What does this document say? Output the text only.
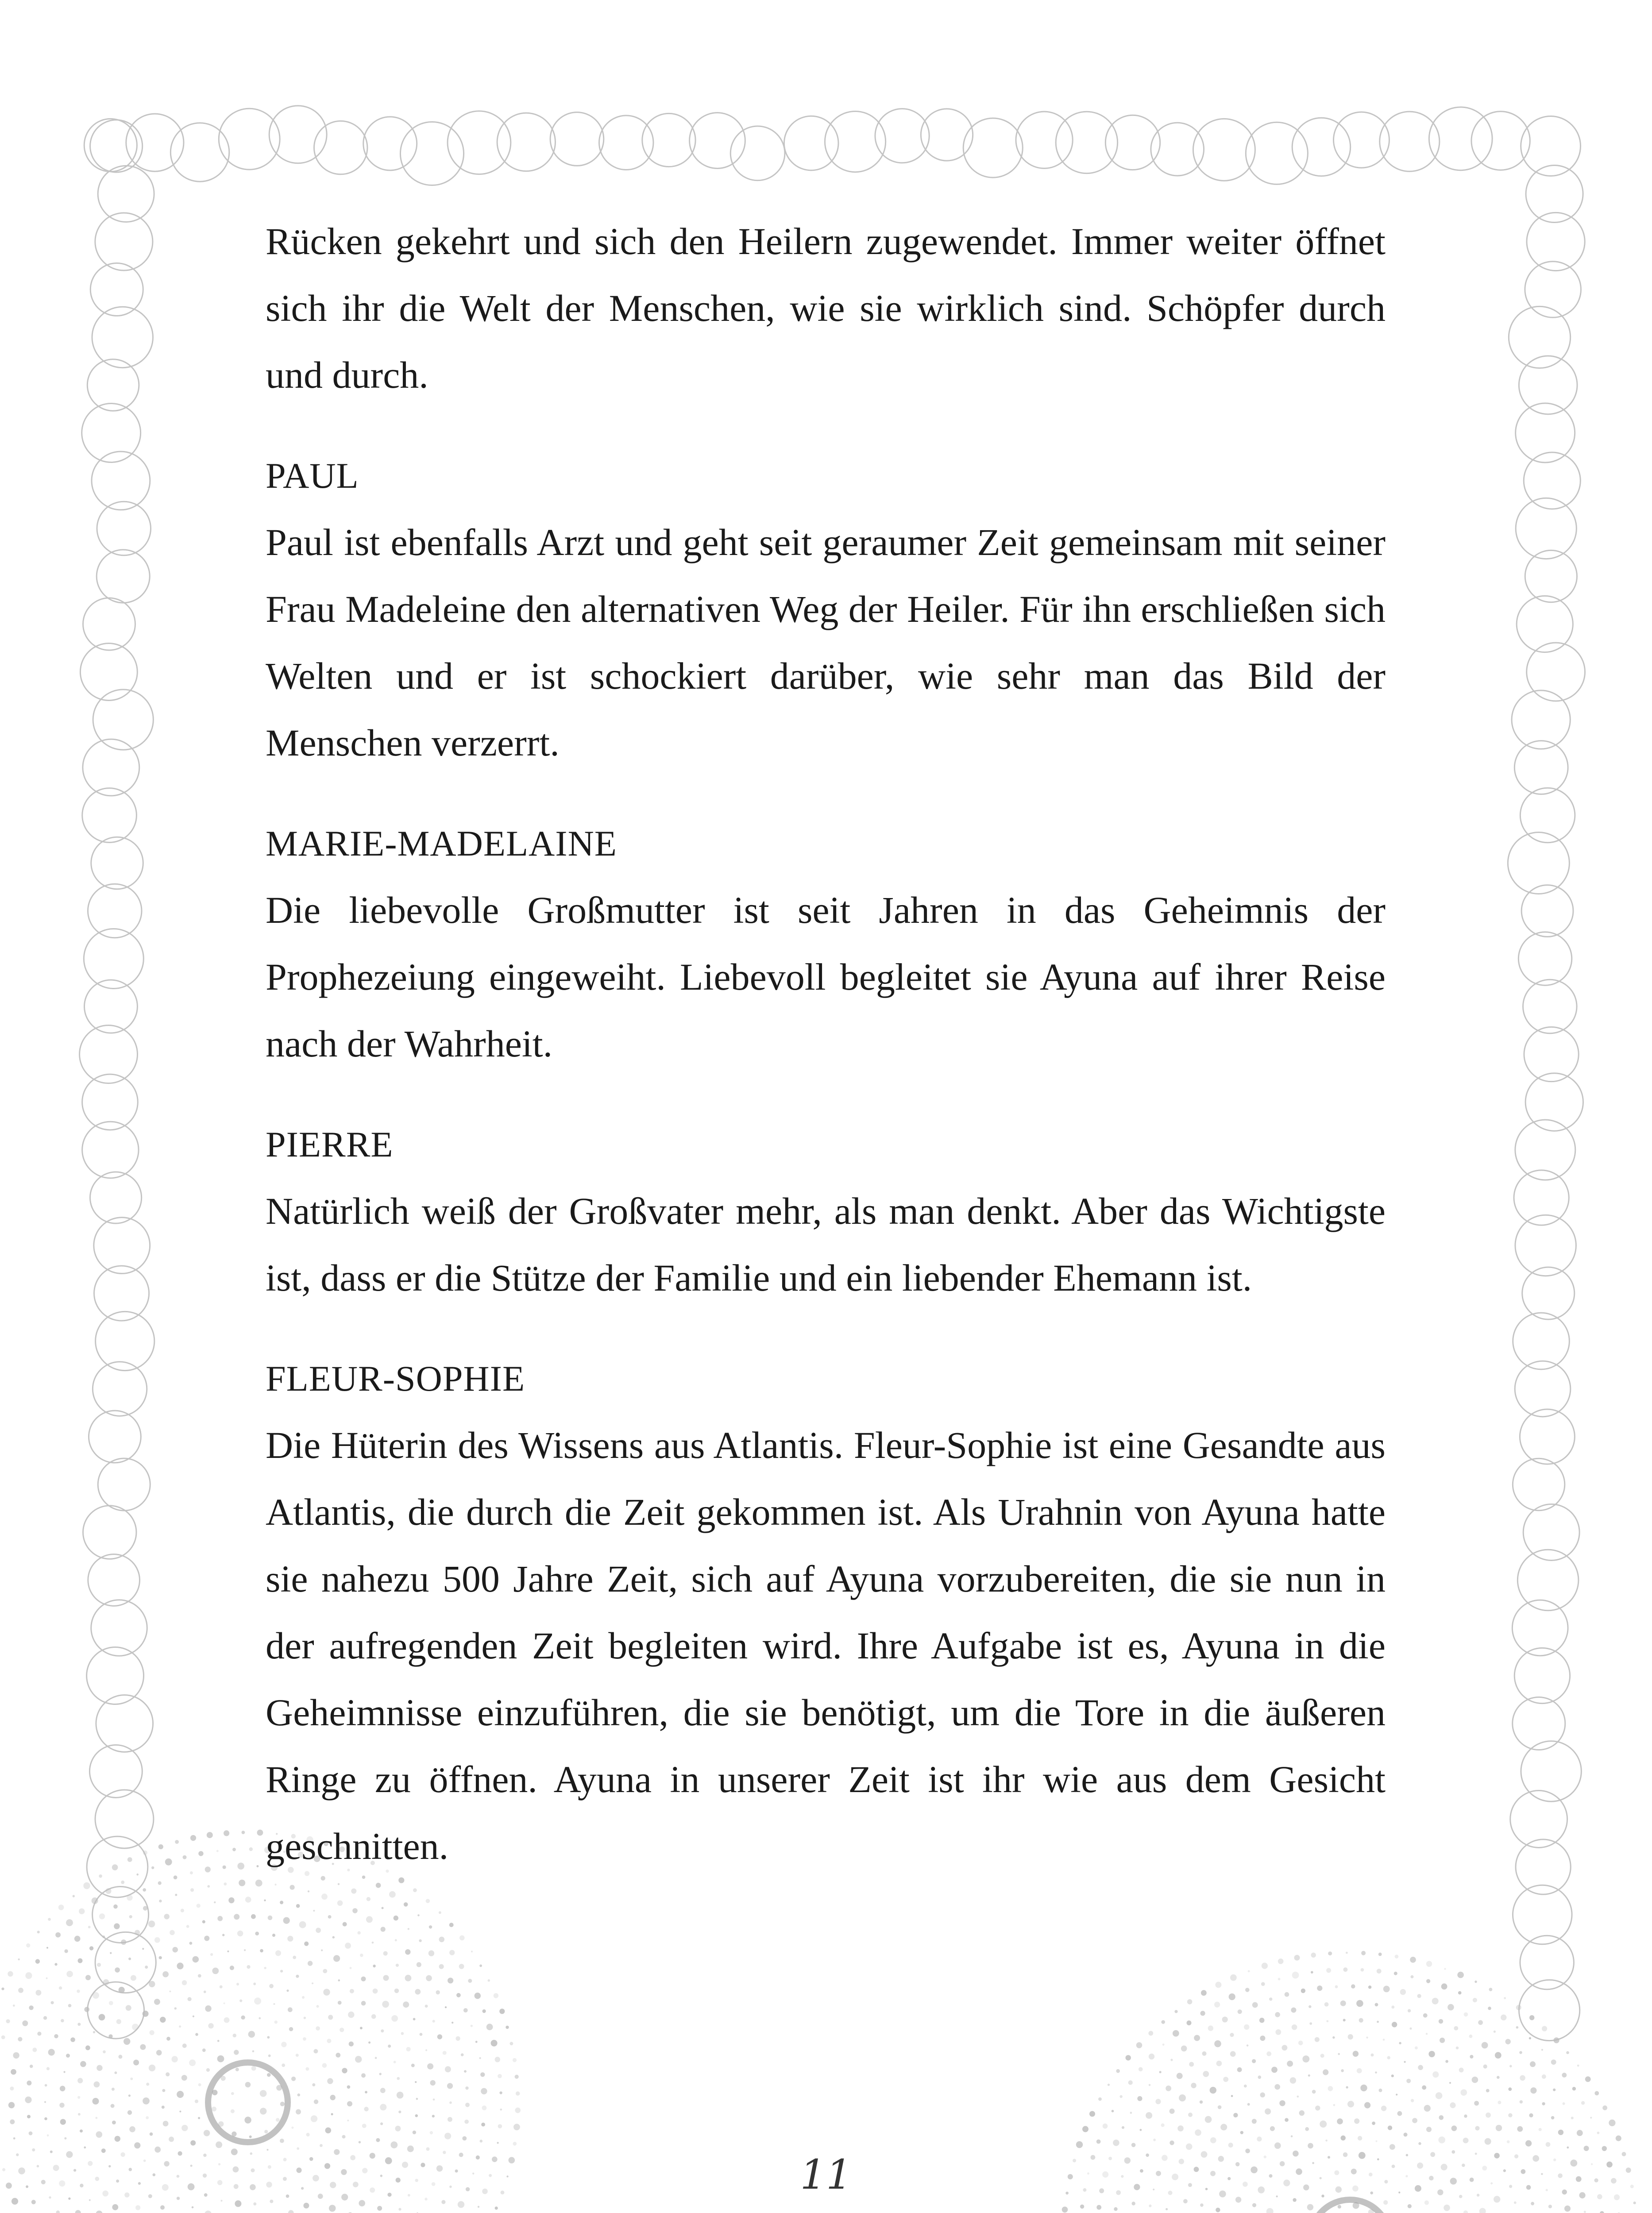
Rücken gekehrt und sich den Heilern zugewendet. Immer weiter öffnet sich ihr die Welt der Menschen, wie sie wirklich sind. Schöpfer durch und durch.

PAUL

Paul ist ebenfalls Arzt und geht seit geraumer Zeit gemeinsam mit seiner Frau Madeleine den alternativen Weg der Heiler. Für ihn erschließen sich Welten und er ist schockiert darüber, wie sehr man das Bild der Menschen verzerrt.

MARIE-MADELAINE

Die liebevolle Großmutter ist seit Jahren in das Geheimnis der Prophezeiung eingeweiht. Liebevoll begleitet sie Ayuna auf ihrer Reise nach der Wahrheit.

PIERRE

Natürlich weiß der Großvater mehr, als man denkt. Aber das Wichtigste ist, dass er die Stütze der Familie und ein liebender Ehemann ist.

FLEUR-SOPHIE

Die Hüterin des Wissens aus Atlantis. Fleur-Sophie ist eine Gesandte aus Atlantis, die durch die Zeit gekommen ist. Als Urahnin von Ayuna hatte sie nahezu 500 Jahre Zeit, sich auf Ayuna vorzubereiten, die sie nun in der aufregenden Zeit begleiten wird. Ihre Aufgabe ist es, Ayuna in die Geheimnisse einzuführen, die sie benötigt, um die Tore in die äußeren Ringe zu öffnen. Ayuna in unserer Zeit ist ihr wie aus dem Gesicht geschnitten.

11
